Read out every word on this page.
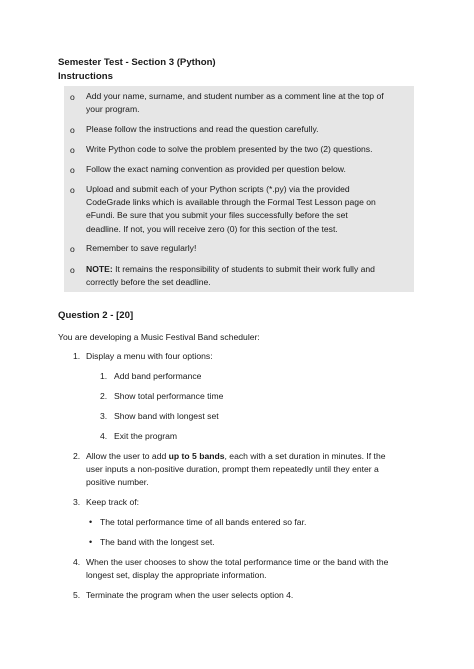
Semester Test - Section 3 (Python)
Instructions
o Add your name, surname, and student number as a comment line at the top of
your program.
o Please follow the instructions and read the question carefully.
o Write Python code to solve the problem presented by the two (2) questions.
o Follow the exact naming convention as provided per question below.
o Upload and submit each of your Python scripts (*.py) via the provided
CodeGrade links which is available through the Formal Test Lesson page on
eFundi. Be sure that you submit your files successfully before the set
deadline. If not, you will receive zero (0) for this section of the test.
o Remember to save regularly!
o NOTE: It remains the responsibility of students to submit their work fully and
correctly before the set deadline.
Question 2 - [20]
You are developing a Music Festival Band scheduler:
1. Display a menu with four options:
1. Add band performance
2. Show total performance time
3. Show band with longest set
4. Exit the program
2. Allow the user to add up to 5 bands, each with a set duration in minutes. If the
user inputs a non-positive duration, prompt them repeatedly until they enter a
positive number.
3. Keep track of:
• The total performance time of all bands entered so far.
• The band with the longest set.
4. When the user chooses to show the total performance time or the band with the
longest set, display the appropriate information.
5. Terminate the program when the user selects option 4.
